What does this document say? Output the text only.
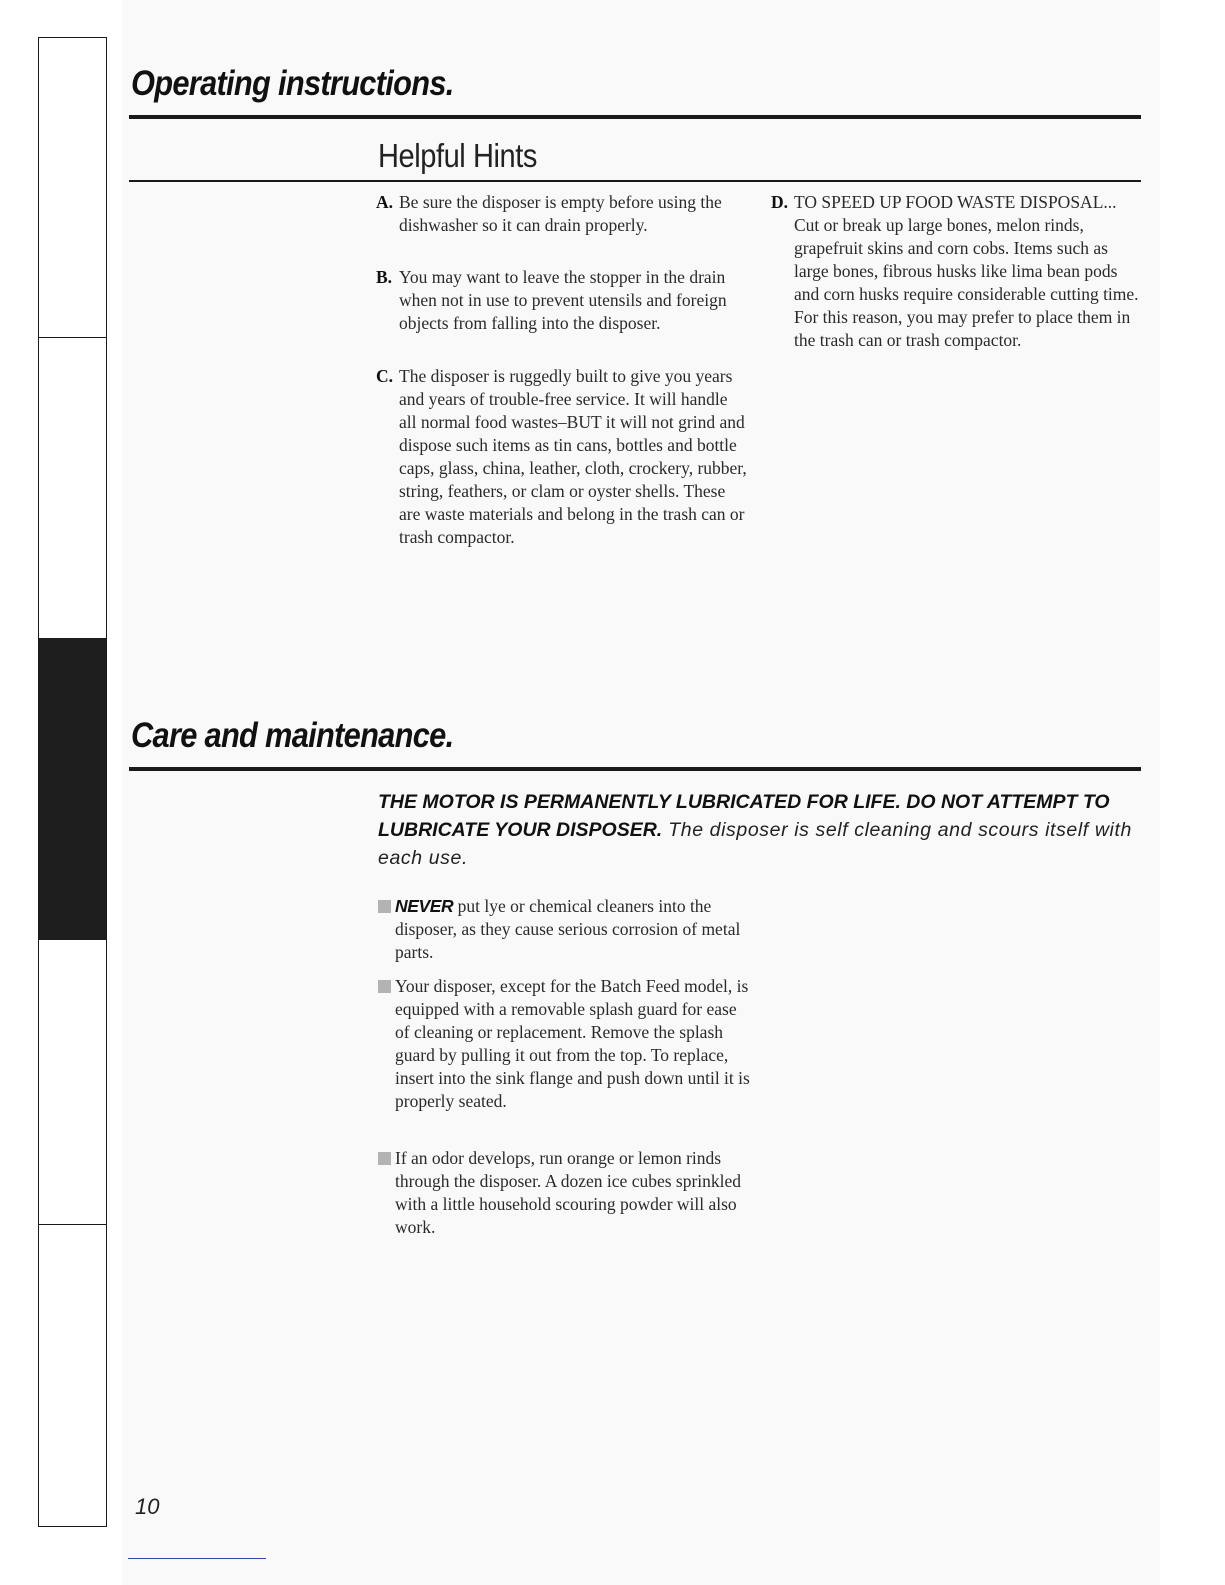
Operating instructions.
Helpful Hints

A. Be sure the disposer is empty before using the dishwasher so it can drain properly.

B. You may want to leave the stopper in the drain when not in use to prevent utensils and foreign objects from falling into the disposer.

C. The disposer is ruggedly built to give you years and years of trouble-free service. It will handle all normal food wastes–BUT it will not grind and dispose such items as tin cans, bottles and bottle caps, glass, china, leather, cloth, crockery, rubber, string, feathers, or clam or oyster shells. These are waste materials and belong in the trash can or trash compactor.

D. TO SPEED UP FOOD WASTE DISPOSAL... Cut or break up large bones, melon rinds, grapefruit skins and corn cobs. Items such as large bones, fibrous husks like lima bean pods and corn husks require considerable cutting time. For this reason, you may prefer to place them in the trash can or trash compactor.

Care and maintenance.

THE MOTOR IS PERMANENTLY LUBRICATED FOR LIFE. DO NOT ATTEMPT TO LUBRICATE YOUR DISPOSER. The disposer is self cleaning and scours itself with each use.

NEVER put lye or chemical cleaners into the disposer, as they cause serious corrosion of metal parts.

Your disposer, except for the Batch Feed model, is equipped with a removable splash guard for ease of cleaning or replacement. Remove the splash guard by pulling it out from the top. To replace, insert into the sink flange and push down until it is properly seated.

If an odor develops, run orange or lemon rinds through the disposer. A dozen ice cubes sprinkled with a little household scouring powder will also work.

10
